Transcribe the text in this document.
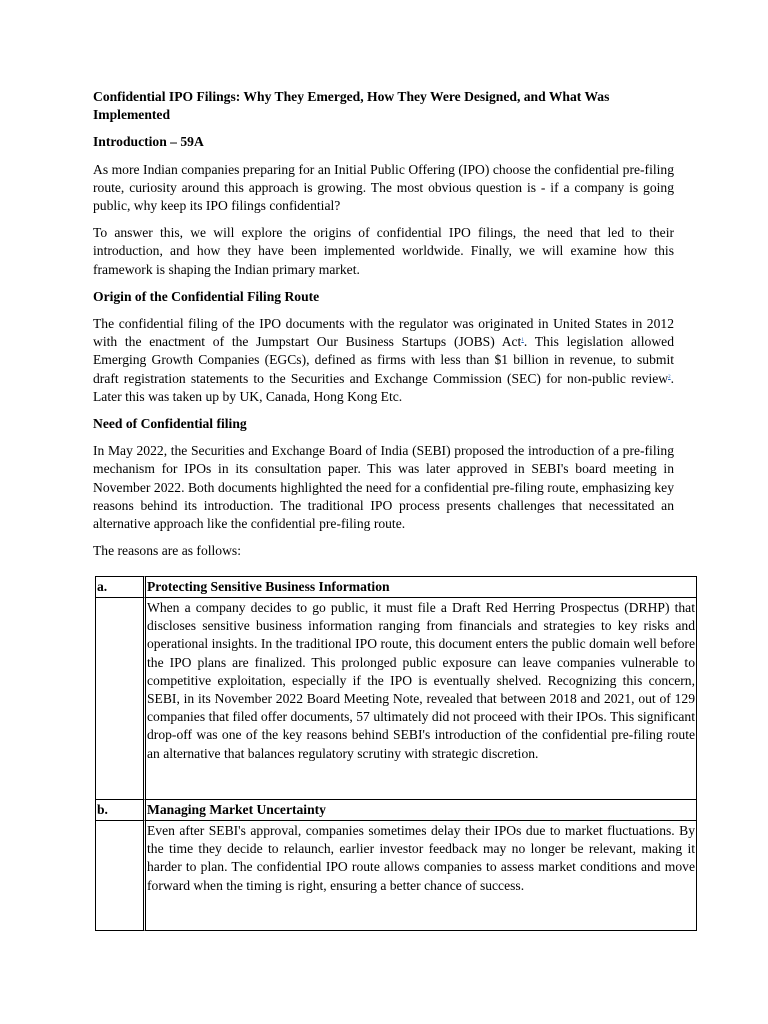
Confidential IPO Filings: Why They Emerged, How They Were Designed, and What Was Implemented

Introduction – 59A

As more Indian companies preparing for an Initial Public Offering (IPO) choose the confidential pre-filing route, curiosity around this approach is growing. The most obvious question is - if a company is going public, why keep its IPO filings confidential?

To answer this, we will explore the origins of confidential IPO filings, the need that led to their introduction, and how they have been implemented worldwide. Finally, we will examine how this framework is shaping the Indian primary market.

Origin of the Confidential Filing Route

The confidential filing of the IPO documents with the regulator was originated in United States in 2012 with the enactment of the Jumpstart Our Business Startups (JOBS) Act$^1$. This legislation allowed Emerging Growth Companies (EGCs), defined as firms with less than $1 billion in revenue, to submit draft registration statements to the Securities and Exchange Commission (SEC) for non-public review$^2$. Later this was taken up by UK, Canada, Hong Kong Etc.

Need of Confidential filing

In May 2022, the Securities and Exchange Board of India (SEBI) proposed the introduction of a pre-filing mechanism for IPOs in its consultation paper. This was later approved in SEBI's board meeting in November 2022. Both documents highlighted the need for a confidential pre-filing route, emphasizing key reasons behind its introduction. The traditional IPO process presents challenges that necessitated an alternative approach like the confidential pre-filing route.

The reasons are as follows:

a.	Protecting Sensitive Business Information
	When a company decides to go public, it must file a Draft Red Herring Prospectus (DRHP) that discloses sensitive business information ranging from financials and strategies to key risks and operational insights. In the traditional IPO route, this document enters the public domain well before the IPO plans are finalized. This prolonged public exposure can leave companies vulnerable to competitive exploitation, especially if the IPO is eventually shelved. Recognizing this concern, SEBI, in its November 2022 Board Meeting Note, revealed that between 2018 and 2021, out of 129 companies that filed offer documents, 57 ultimately did not proceed with their IPOs. This significant drop-off was one of the key reasons behind SEBI's introduction of the confidential pre-filing route an alternative that balances regulatory scrutiny with strategic discretion.
b.	Managing Market Uncertainty
	Even after SEBI's approval, companies sometimes delay their IPOs due to market fluctuations. By the time they decide to relaunch, earlier investor feedback may no longer be relevant, making it harder to plan. The confidential IPO route allows companies to assess market conditions and move forward when the timing is right, ensuring a better chance of success.
